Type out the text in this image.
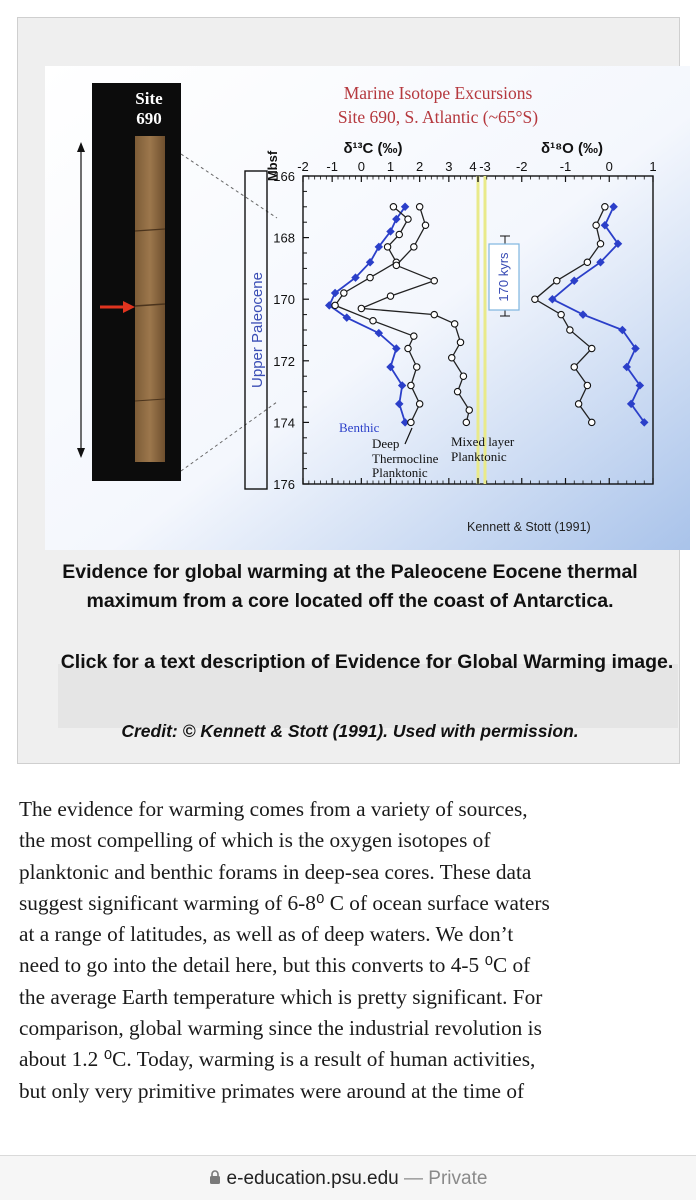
Site
690
Marine Isotope Excursions
Site 690, S. Atlantic (~65°S)
Upper Paleocene
Mbsf
δ¹³C (‰)	δ¹⁸O (‰)
166
168
170
172
174
176
-2 -1 0 1 2 3 4 -3 -2 -1	0	1
170 kyrs
Benthic
Deep
Thermocline
Planktonic
Mixed layer
Planktonic
Kennett & Stott (1991)
Evidence for global warming at the Paleocene Eocene thermal maximum from a core located off the coast of Antarctica.
Click for a text description of Evidence for Global Warming image.
Credit: © Kennett & Stott (1991). Used with permission.
The evidence for warming comes from a variety of sources,
the most compelling of which is the oxygen isotopes of
planktonic and benthic forams in deep-sea cores. These data
suggest significant warming of 6-8⁰ C of ocean surface waters
at a range of latitudes, as well as of deep waters. We don’t
need to go into the detail here, but this converts to 4-5 ⁰C of
the average Earth temperature which is pretty significant. For
comparison, global warming since the industrial revolution is
about 1.2 ⁰C. Today, warming is a result of human activities,
but only very primitive primates were around at the time of
e-education.psu.edu — Private
